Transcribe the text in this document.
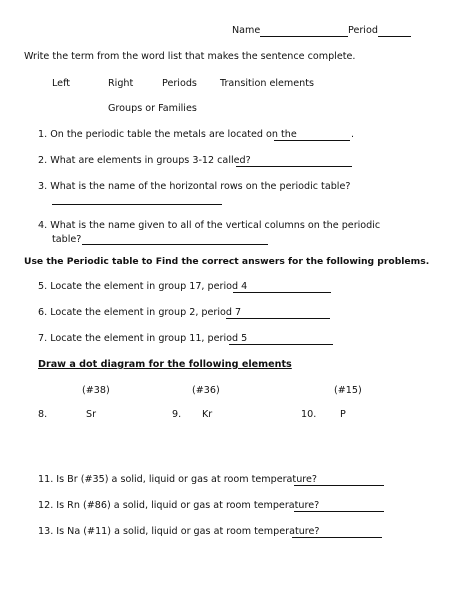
Name	Period
Write the term from the word list that makes the sentence complete.
Left	Right	Periods Transition elements
Groups or Families
1. On the periodic table the metals are located on the	.
2. What are elements in groups 3-12 called?
3. What is the name of the horizontal rows on the periodic table?
4. What is the name given to all of the vertical columns on the periodic
table?
Use the Periodic table to Find the correct answers for the following problems.
5. Locate the element in group 17, period 4
6. Locate the element in group 2, period 7
7. Locate the element in group 11, period 5
Draw a dot diagram for the following elements
(#38)	(#36)	(#15)
8.	Sr	9. Kr	10. P
11. Is Br (#35) a solid, liquid or gas at room temperature?
12. Is Rn (#86) a solid, liquid or gas at room temperature?
13. Is Na (#11) a solid, liquid or gas at room temperature?
